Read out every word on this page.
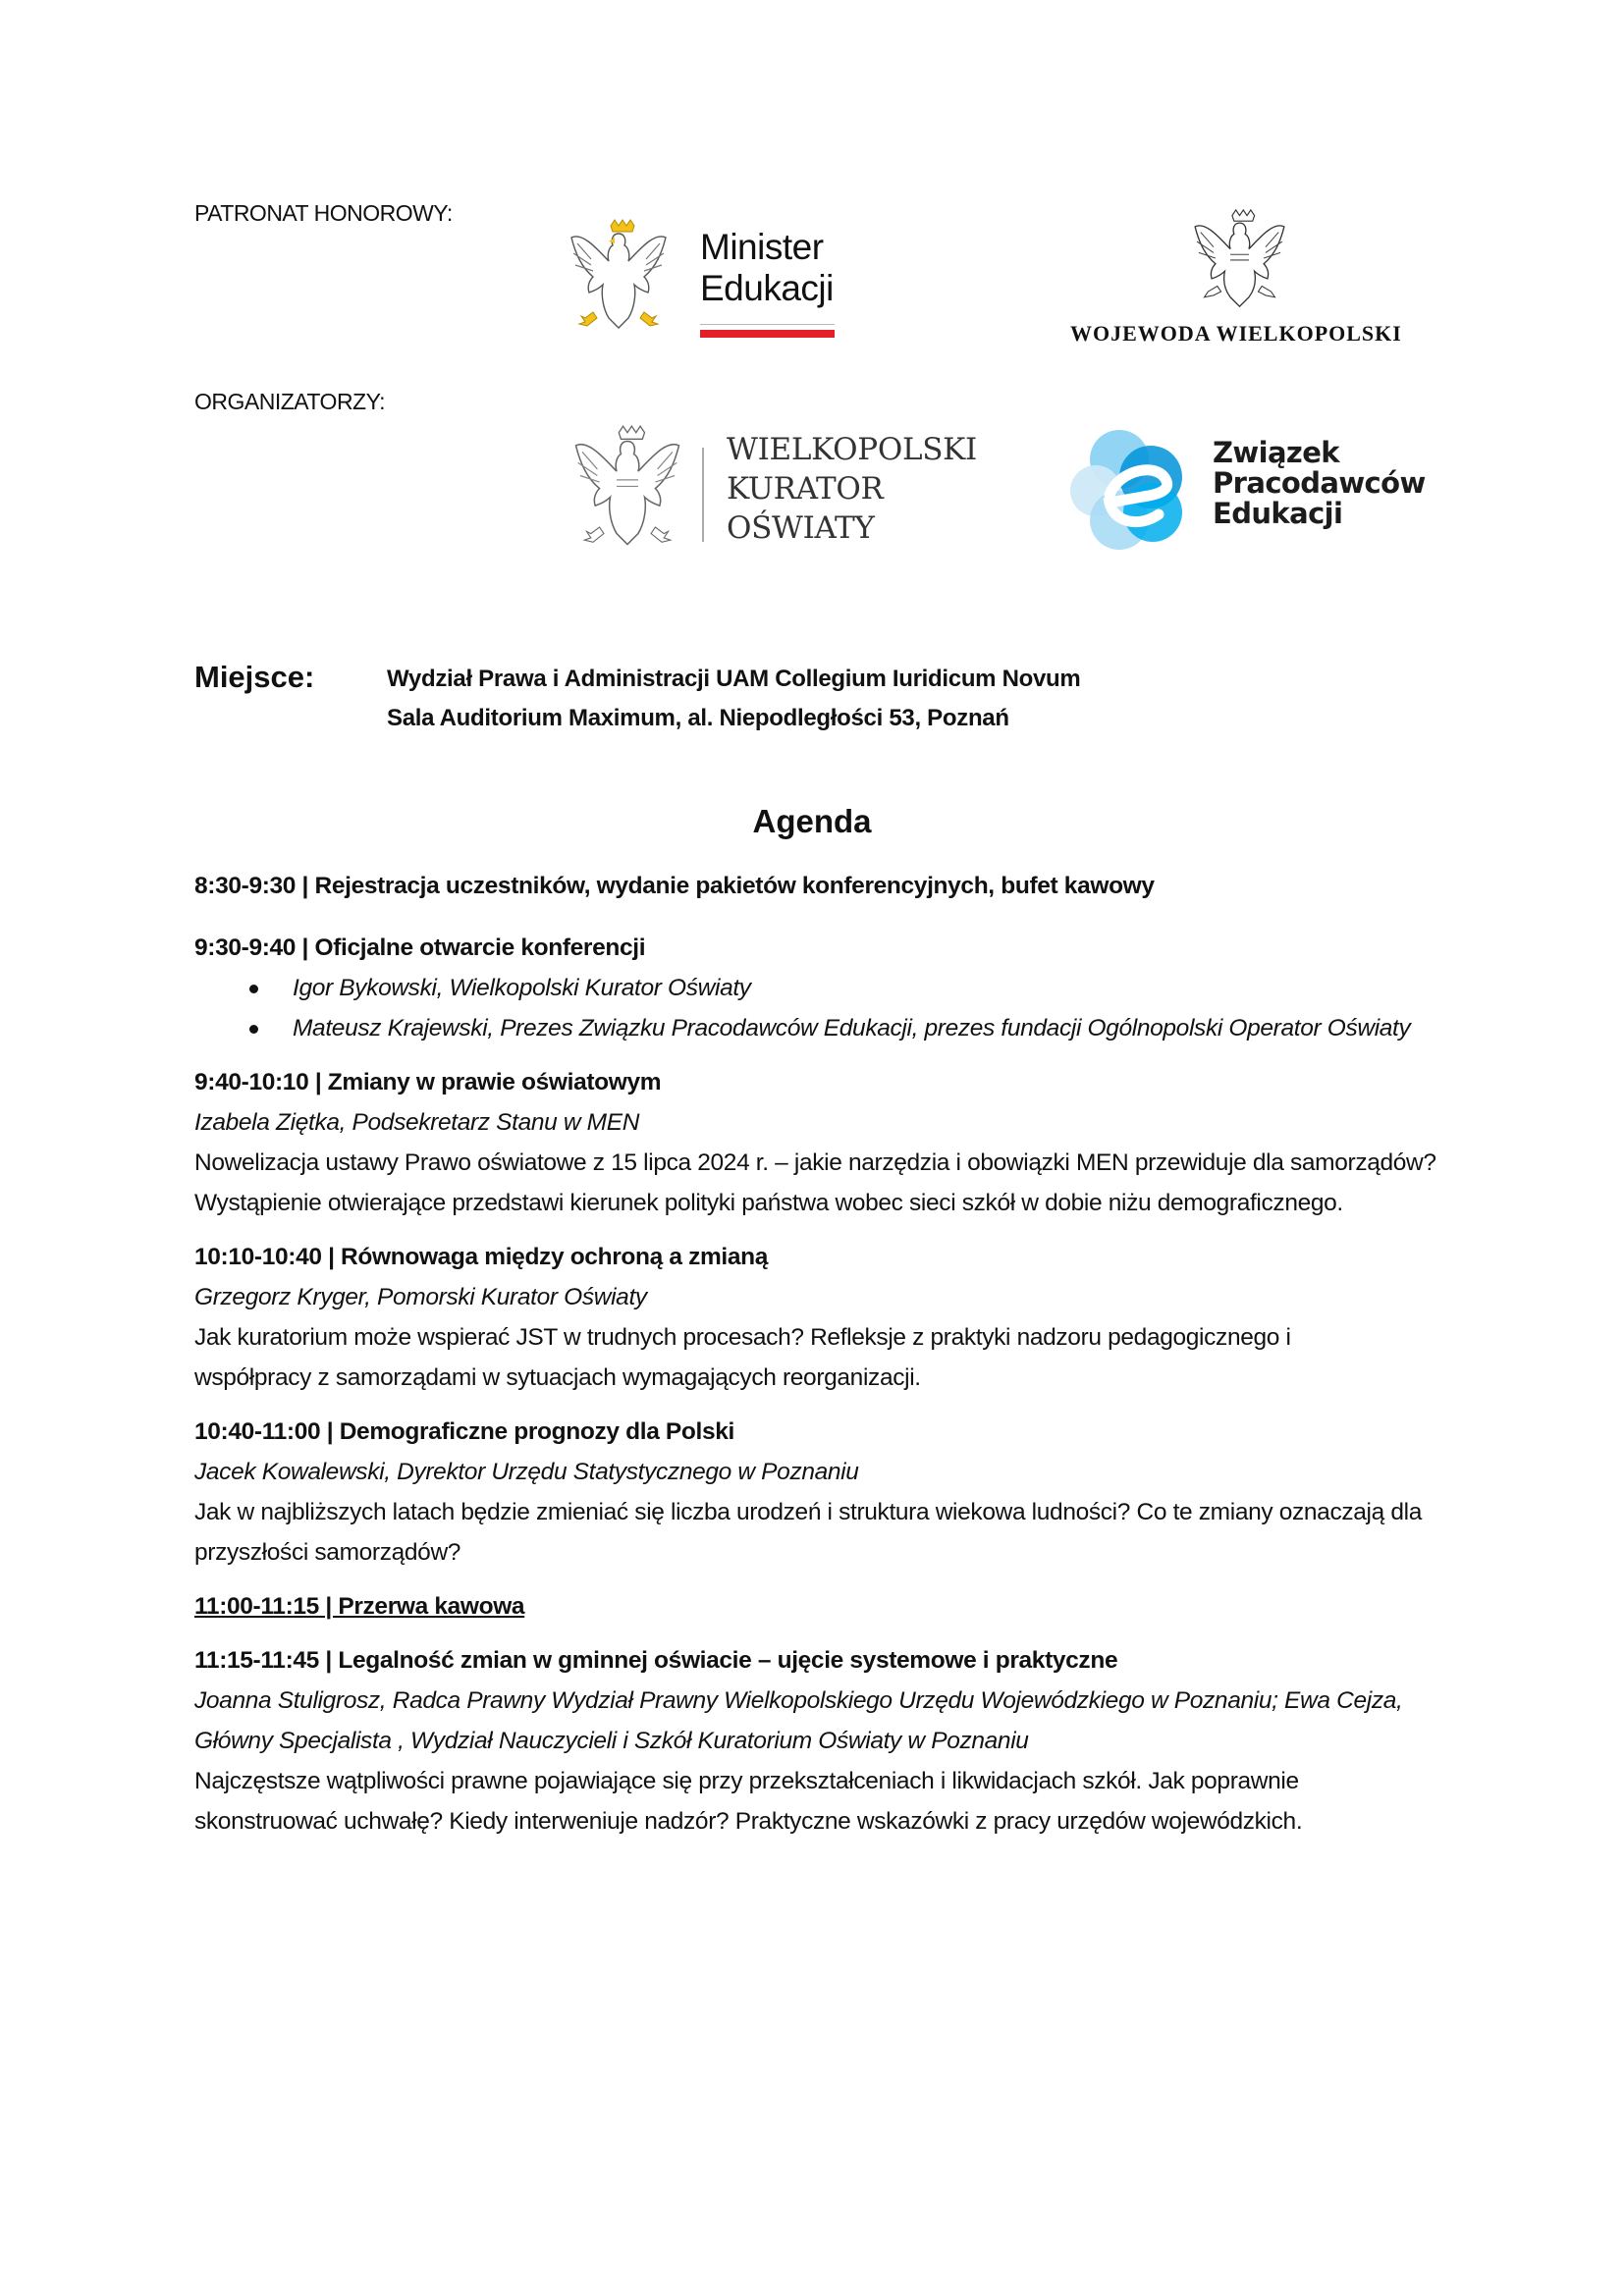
PATRONAT HONOROWY:
ORGANIZATORZY:
Minister
Edukacji
WOJEWODA WIELKOPOLSKI
WIELKOPOLSKI
KURATOR
OŚWIATY
Związek
Pracodawców
Edukacji
Miejsce:	Wydział Prawa i Administracji UAM Collegium Iuridicum Novum
Sala Auditorium Maximum, al. Niepodległości 53, Poznań
Agenda
8:30-9:30 | Rejestracja uczestników, wydanie pakietów konferencyjnych, bufet kawowy
9:30-9:40 | Oficjalne otwarcie konferencji
Igor Bykowski, Wielkopolski Kurator Oświaty
Mateusz Krajewski, Prezes Związku Pracodawców Edukacji, prezes fundacji Ogólnopolski Operator Oświaty
9:40-10:10 | Zmiany w prawie oświatowym
Izabela Ziętka, Podsekretarz Stanu w MEN
Nowelizacja ustawy Prawo oświatowe z 15 lipca 2024 r. – jakie narzędzia i obowiązki MEN przewiduje dla samorządów? Wystąpienie otwierające przedstawi kierunek polityki państwa wobec sieci szkół w dobie niżu demograficznego.
10:10-10:40 | Równowaga między ochroną a zmianą
Grzegorz Kryger, Pomorski Kurator Oświaty
Jak kuratorium może wspierać JST w trudnych procesach? Refleksje z praktyki nadzoru pedagogicznego i współpracy z samorządami w sytuacjach wymagających reorganizacji.
10:40-11:00 | Demograficzne prognozy dla Polski
Jacek Kowalewski, Dyrektor Urzędu Statystycznego w Poznaniu
Jak w najbliższych latach będzie zmieniać się liczba urodzeń i struktura wiekowa ludności? Co te zmiany oznaczają dla przyszłości samorządów?
11:00-11:15 | Przerwa kawowa
11:15-11:45 | Legalność zmian w gminnej oświacie – ujęcie systemowe i praktyczne
Joanna Stuligrosz, Radca Prawny Wydział Prawny Wielkopolskiego Urzędu Wojewódzkiego w Poznaniu; Ewa Cejza, Główny Specjalista , Wydział Nauczycieli i Szkół Kuratorium Oświaty w Poznaniu
Najczęstsze wątpliwości prawne pojawiające się przy przekształceniach i likwidacjach szkół. Jak poprawnie skonstruować uchwałę? Kiedy interweniuje nadzór? Praktyczne wskazówki z pracy urzędów wojewódzkich.
